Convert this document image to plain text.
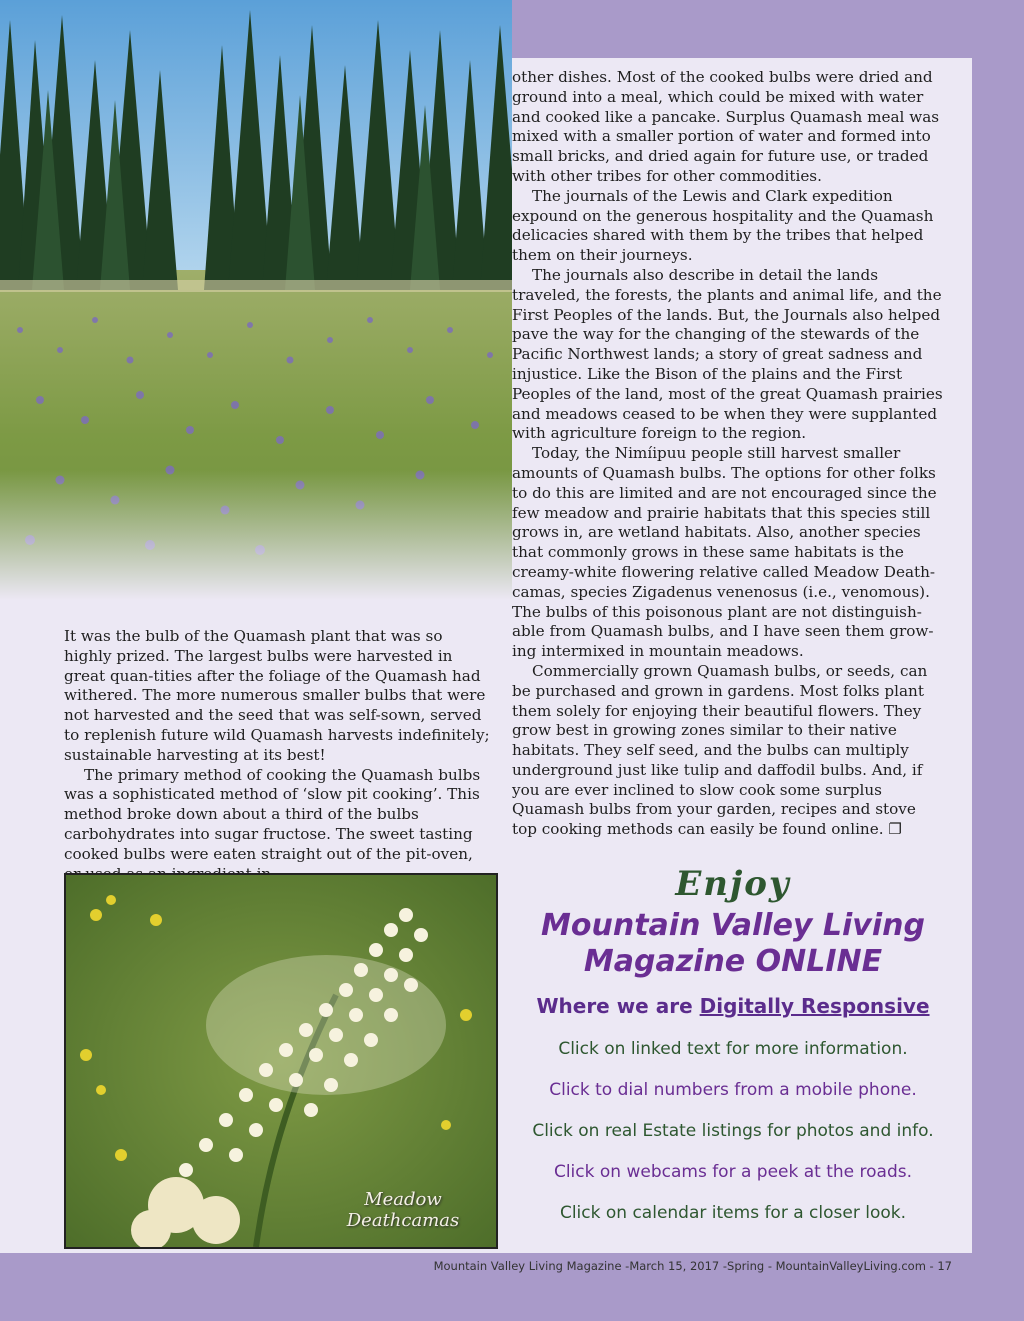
other dishes. Most of the cooked bulbs were dried and ground into a meal, which could be mixed with water and cooked like a pancake. Surplus Quamash meal was mixed with a smaller portion of water and formed into small bricks, and dried again for future use, or traded with other tribes for other commodities.

The journals of the Lewis and Clark expedition expound on the generous hospitality and the Quamash delicacies shared with them by the tribes that helped them on their journeys.

The journals also describe in detail the lands traveled, the forests, the plants and animal life, and the First Peoples of the lands. But, the Journals also helped pave the way for the changing of the stewards of the Pacific Northwest lands; a story of great sadness and injustice. Like the Bison of the plains and the First Peoples of the land, most of the great Quamash prairies and meadows ceased to be when they were supplanted with agriculture foreign to the region.

Today, the Nimíipuu people still harvest smaller amounts of Quamash bulbs. The options for other folks to do this are limited and are not encouraged since the few meadow and prairie habitats that this species still grows in, are wetland habitats. Also, another species that commonly grows in these same habitats is the creamy-white flowering relative called Meadow Death-camas, species Zigadenus venenosus (i.e., venomous). The bulbs of this poisonous plant are not distinguish-able from Quamash bulbs, and I have seen them grow-ing intermixed in mountain meadows.

Commercially grown Quamash bulbs, or seeds, can be purchased and grown in gardens. Most folks plant them solely for enjoying their beautiful flowers. They grow best in growing zones similar to their native habitats. They self seed, and the bulbs can multiply underground just like tulip and daffodil bulbs. And, if you are ever inclined to slow cook some surplus Quamash bulbs from your garden, recipes and stove top cooking methods can easily be found online. ❐

It was the bulb of the Quamash plant that was so highly prized. The largest bulbs were harvested in great quan-tities after the foliage of the Quamash had withered. The more numerous smaller bulbs that were not harvested and the seed that was self-sown, served to replenish future wild Quamash harvests indefinitely; sustainable harvesting at its best!

The primary method of cooking the Quamash bulbs was a sophisticated method of ‘slow pit cooking’. This method broke down about a third of the bulbs carbohydrates into sugar fructose. The sweet tasting cooked bulbs were eaten straight out of the pit-oven,

Meadow
Deathcamas
Enjoy
Mountain Valley Living
Magazine ONLINE
Where we are Digitally Responsive
Click on linked text for more information.
Click to dial numbers from a mobile phone.
Click on real Estate listings for photos and info.
Click on webcams for a peek at the roads.
Click on calendar items for a closer look.
Mountain Valley Living Magazine -March 15, 2017 -Spring - MountainValleyLiving.com - 17
